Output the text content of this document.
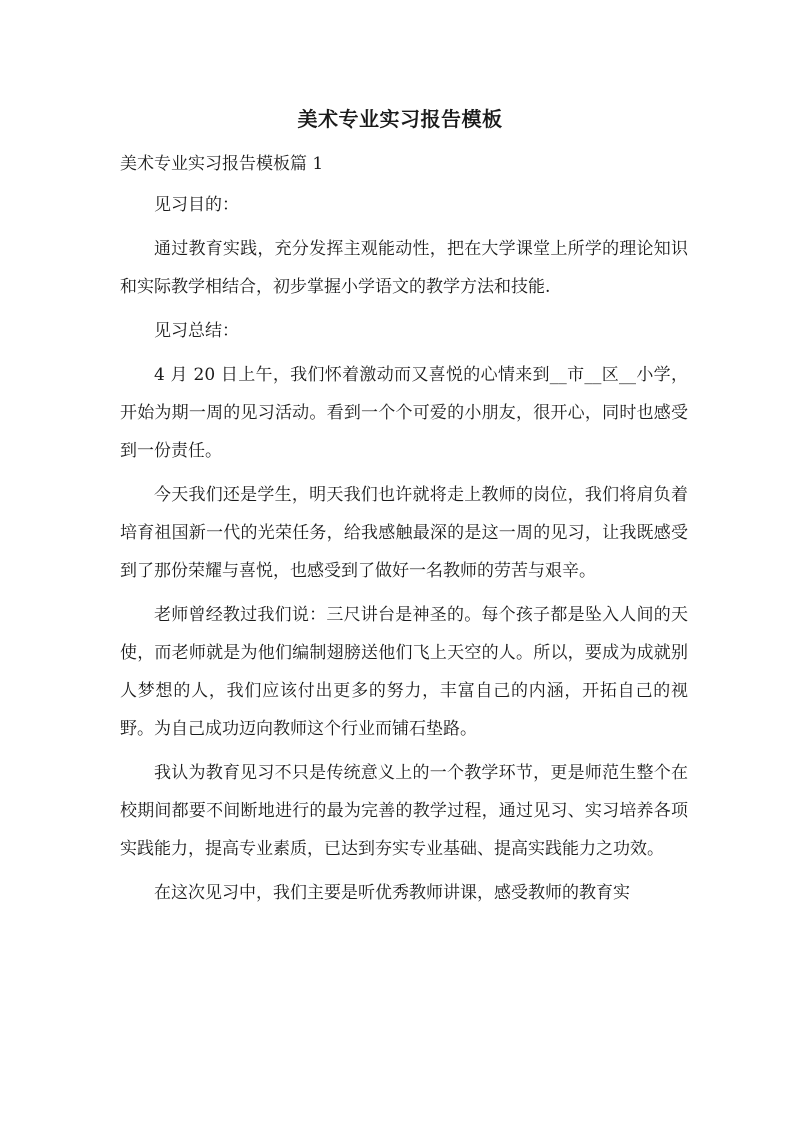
美术专业实习报告模板
美术专业实习报告模板篇 1

见习目的：

通过教育实践，充分发挥主观能动性，把在大学课堂上所学的理论知识和实际教学相结合，初步掌握小学语文的教学方法和技能.

见习总结：

4 月 20 日上午，我们怀着激动而又喜悦的心情来到__市__区__小学，开始为期一周的见习活动。看到一个个可爱的小朋友，很开心，同时也感受到一份责任。

今天我们还是学生，明天我们也许就将走上教师的岗位，我们将肩负着培育祖国新一代的光荣任务，给我感触最深的是这一周的见习，让我既感受到了那份荣耀与喜悦，也感受到了做好一名教师的劳苦与艰辛。

老师曾经教过我们说：三尺讲台是神圣的。每个孩子都是坠入人间的天使，而老师就是为他们编制翅膀送他们飞上天空的人。所以，要成为成就别人梦想的人，我们应该付出更多的努力，丰富自己的内涵，开拓自己的视野。为自己成功迈向教师这个行业而铺石垫路。

我认为教育见习不只是传统意义上的一个教学环节，更是师范生整个在校期间都要不间断地进行的最为完善的教学过程，通过见习、实习培养各项实践能力，提高专业素质，已达到夯实专业基础、提高实践能力之功效。

在这次见习中，我们主要是听优秀教师讲课，感受教师的教育实
